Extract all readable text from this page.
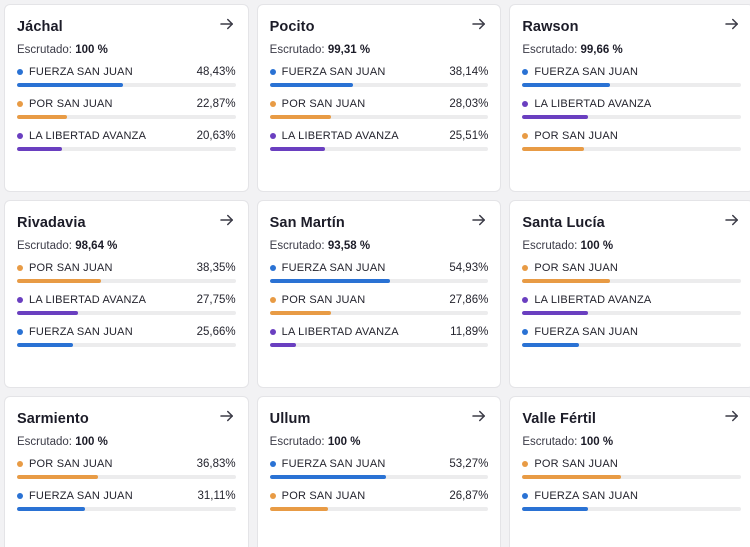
Jáchal
Escrutado: 100 %
FUERZA SAN JUAN	48,43%
POR SAN JUAN	22,87%
LA LIBERTAD AVANZA	20,63%
Pocito
Escrutado: 99,31 %
FUERZA SAN JUAN	38,14%
POR SAN JUAN	28,03%
LA LIBERTAD AVANZA	25,51%
Rawson
Escrutado: 99,66 %
FUERZA SAN JUAN
LA LIBERTAD AVANZA
POR SAN JUAN
Rivadavia
Escrutado: 98,64 %
POR SAN JUAN	38,35%
LA LIBERTAD AVANZA	27,75%
FUERZA SAN JUAN	25,66%
San Martín
Escrutado: 93,58 %
FUERZA SAN JUAN	54,93%
POR SAN JUAN	27,86%
LA LIBERTAD AVANZA	11,89%
Santa Lucía
Escrutado: 100 %
POR SAN JUAN
LA LIBERTAD AVANZA
FUERZA SAN JUAN
Sarmiento
Escrutado: 100 %
POR SAN JUAN	36,83%
FUERZA SAN JUAN	31,11%
Ullum
Escrutado: 100 %
FUERZA SAN JUAN	53,27%
POR SAN JUAN	26,87%
Valle Fértil
Escrutado: 100 %
POR SAN JUAN
FUERZA SAN JUAN
